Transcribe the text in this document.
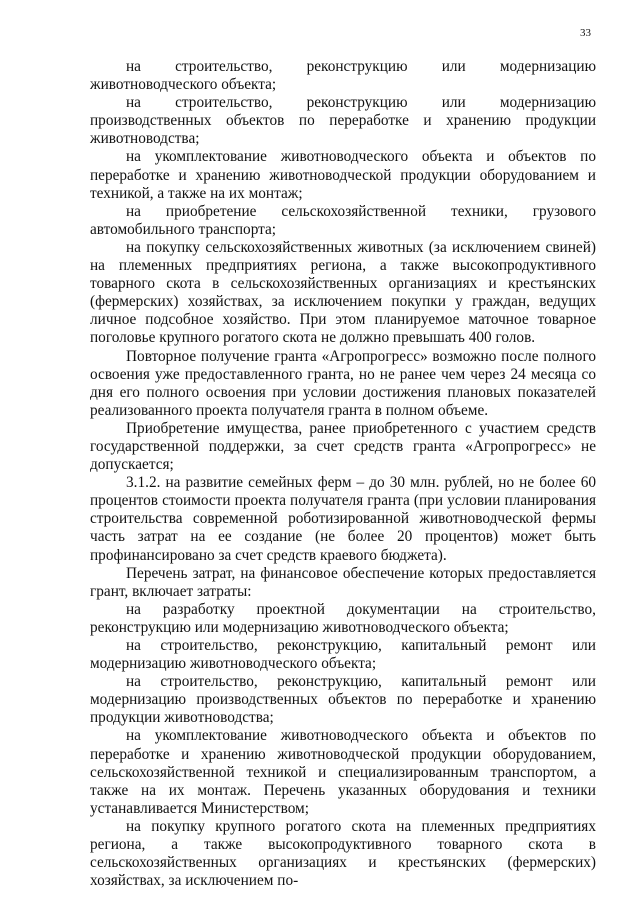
33

на строительство, реконструкцию или модернизацию животноводческого объекта;

на строительство, реконструкцию или модернизацию производственных объектов по переработке и хранению продукции животноводства;

на укомплектование животноводческого объекта и объектов по переработке и хранению животноводческой продукции оборудованием и техникой, а также на их монтаж;

на приобретение сельскохозяйственной техники, грузового автомобильного транспорта;

на покупку сельскохозяйственных животных (за исключением свиней) на племенных предприятиях региона, а также высокопродуктивного товарного скота в сельскохозяйственных организациях и крестьянских (фермерских) хозяйствах, за исключением покупки у граждан, ведущих личное подсобное хозяйство. При этом планируемое маточное товарное поголовье крупного рогатого скота не должно превышать 400 голов.

Повторное получение гранта «Агропрогресс» возможно после полного освоения уже предоставленного гранта, но не ранее чем через 24 месяца со дня его полного освоения при условии достижения плановых показателей реализованного проекта получателя гранта в полном объеме.

Приобретение имущества, ранее приобретенного с участием средств государственной поддержки, за счет средств гранта «Агропрогресс» не допускается;

3.1.2. на развитие семейных ферм – до 30 млн. рублей, но не более 60 процентов стоимости проекта получателя гранта (при условии планирования строительства современной роботизированной животноводческой фермы часть затрат на ее создание (не более 20 процентов) может быть профинансировано за счет средств краевого бюджета).

Перечень затрат, на финансовое обеспечение которых предоставляется грант, включает затраты:

на разработку проектной документации на строительство, реконструкцию или модернизацию животноводческого объекта;

на строительство, реконструкцию, капитальный ремонт или модернизацию животноводческого объекта;

на строительство, реконструкцию, капитальный ремонт или модернизацию производственных объектов по переработке и хранению продукции животноводства;

на укомплектование животноводческого объекта и объектов по переработке и хранению животноводческой продукции оборудованием, сельскохозяйственной техникой и специализированным транспортом, а также на их монтаж. Перечень указанных оборудования и техники устанавливается Министерством;

на покупку крупного рогатого скота на племенных предприятиях региона, а также высокопродуктивного товарного скота в сельскохозяйственных организациях и крестьянских (фермерских) хозяйствах, за исключением по-
